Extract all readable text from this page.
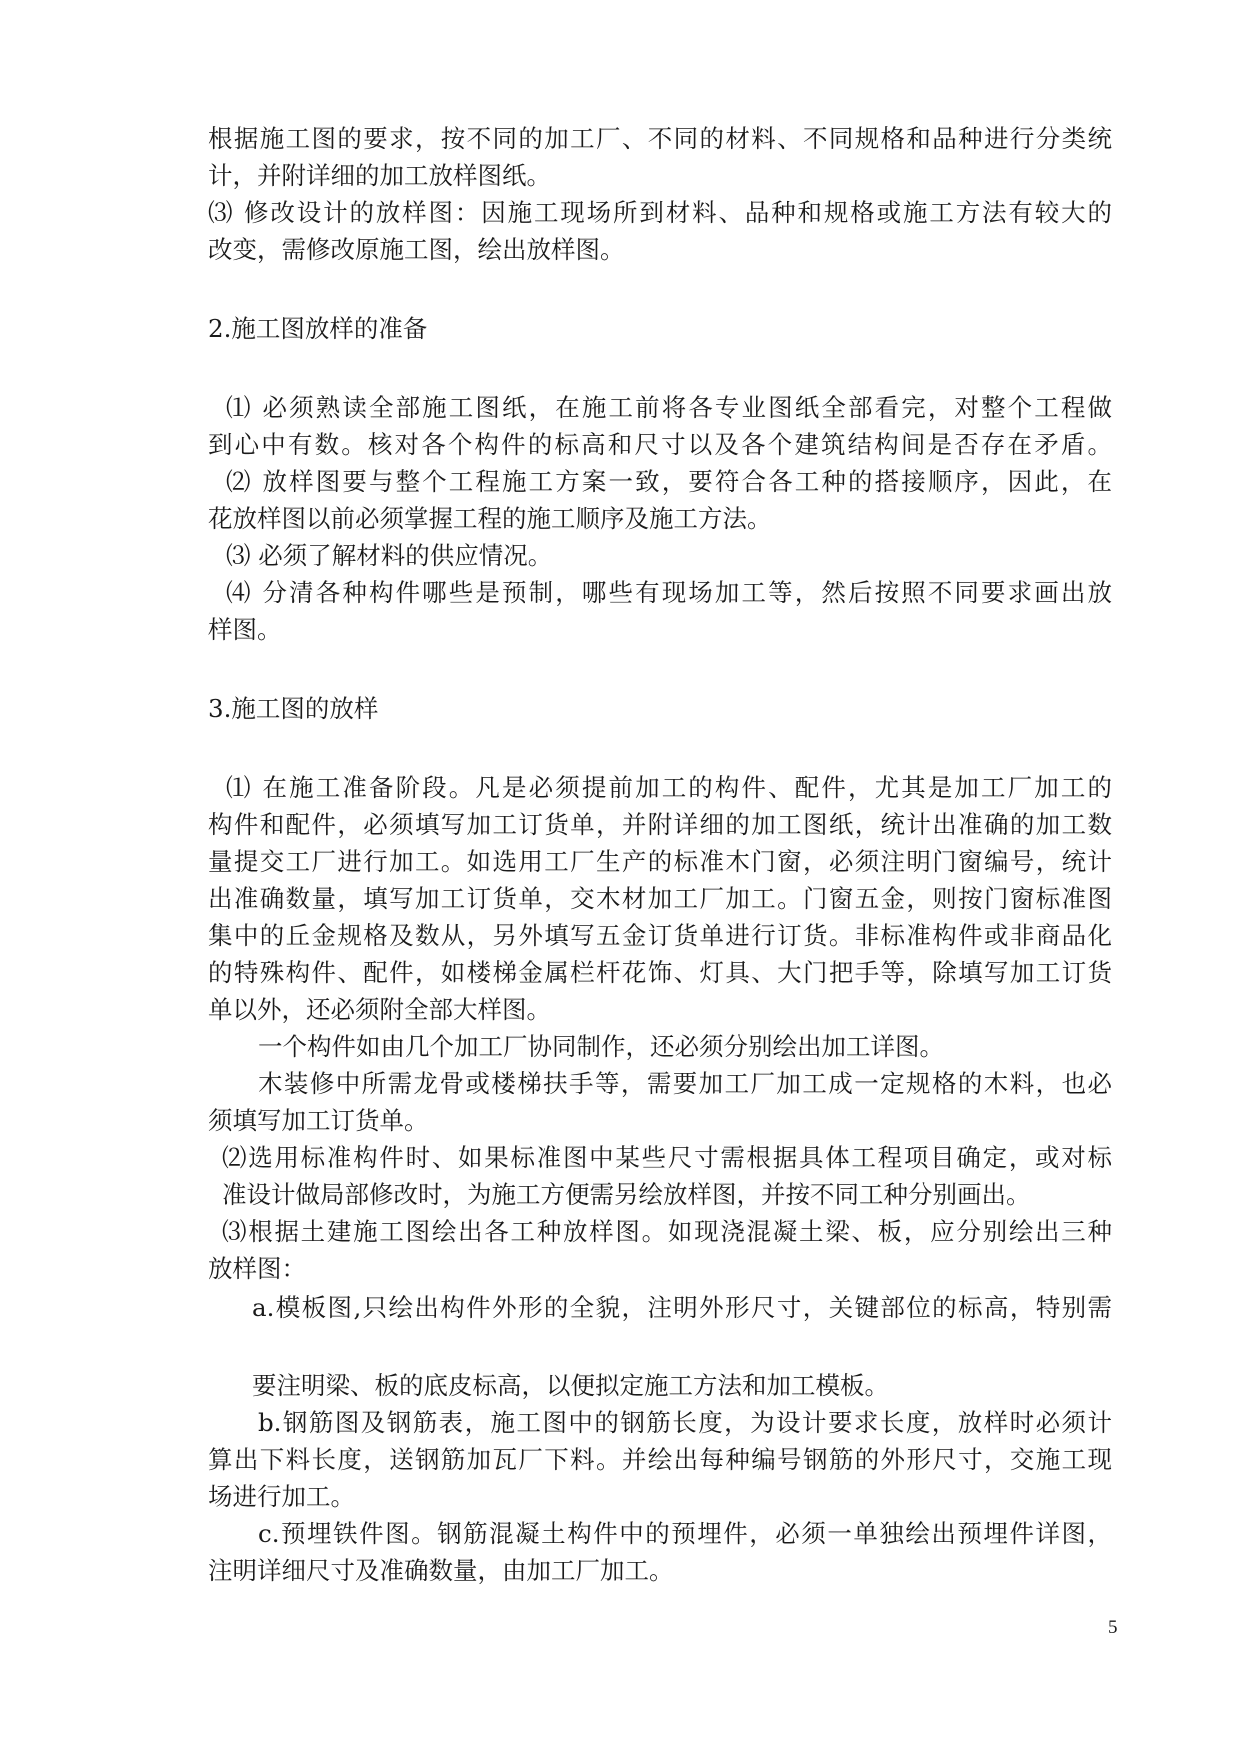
根据施工图的要求，按不同的加工厂、不同的材料、不同规格和品种进行分类统
计，并附详细的加工放样图纸。
⑶ 修改设计的放样图：因施工现场所到材料、品种和规格或施工方法有较大的
改变，需修改原施工图，绘出放样图。
2.施工图放样的准备
⑴ 必须熟读全部施工图纸，在施工前将各专业图纸全部看完，对整个工程做
到心中有数。核对各个构件的标高和尺寸以及各个建筑结构间是否存在矛盾。
⑵ 放样图要与整个工程施工方案一致，要符合各工种的搭接顺序，因此，在
花放样图以前必须掌握工程的施工顺序及施工方法。
⑶ 必须了解材料的供应情况。
⑷ 分清各种构件哪些是预制，哪些有现场加工等，然后按照不同要求画出放
样图。
3.施工图的放样
⑴ 在施工准备阶段。凡是必须提前加工的构件、配件，尤其是加工厂加工的
构件和配件，必须填写加工订货单，并附详细的加工图纸，统计出准确的加工数
量提交工厂进行加工。如选用工厂生产的标准木门窗，必须注明门窗编号，统计
出准确数量，填写加工订货单，交木材加工厂加工。门窗五金，则按门窗标准图
集中的丘金规格及数从，另外填写五金订货单进行订货。非标准构件或非商品化
的特殊构件、配件，如楼梯金属栏杆花饰、灯具、大门把手等，除填写加工订货
单以外，还必须附全部大样图。
一个构件如由几个加工厂协同制作，还必须分别绘出加工详图。
木装修中所需龙骨或楼梯扶手等，需要加工厂加工成一定规格的木料，也必
须填写加工订货单。
⑵选用标准构件时、如果标准图中某些尺寸需根据具体工程项目确定，或对标
准设计做局部修改时，为施工方便需另绘放样图，并按不同工种分别画出。
⑶根据土建施工图绘出各工种放样图。如现浇混凝土梁、板，应分别绘出三种
放样图：
a.模板图,只绘出构件外形的全貌，注明外形尺寸，关键部位的标高，特别需
要注明梁、板的底皮标高，以便拟定施工方法和加工模板。
b.钢筋图及钢筋表，施工图中的钢筋长度，为设计要求长度，放样时必须计
算出下料长度，送钢筋加瓦厂下料。并绘出每种编号钢筋的外形尺寸，交施工现
场进行加工。
c.预埋铁件图。钢筋混凝土构件中的预埋件，必须一单独绘出预埋件详图，
注明详细尺寸及准确数量，由加工厂加工。
5
